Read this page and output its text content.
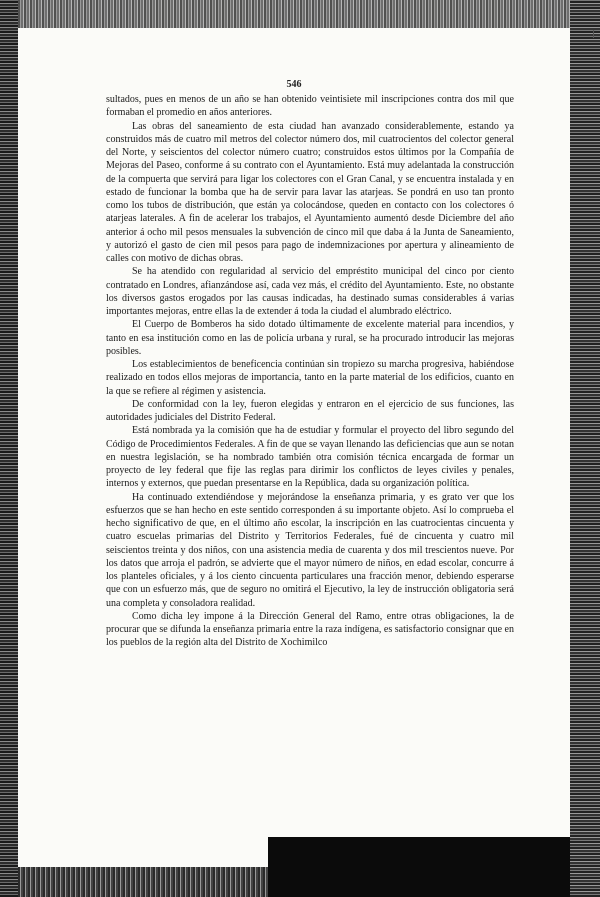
546

sultados, pues en menos de un año se han obtenido veintisiete mil inscripciones contra dos mil que formaban el promedio en años anteriores.

Las obras del saneamiento de esta ciudad han avanzado considerablemente, estando ya construidos más de cuatro mil metros del colector número dos, mil cuatrocientos del colector general del Norte, y seiscientos del colector número cuatro; construidos estos últimos por la Compañía de Mejoras del Paseo, conforme á su contrato con el Ayuntamiento. Está muy adelantada la construcción de la compuerta que servirá para ligar los colectores con el Gran Canal, y se encuentra instalada y en estado de funcionar la bomba que ha de servir para lavar las atarjeas. Se pondrá en uso tan pronto como los tubos de distribución, que están ya colocándose, queden en contacto con los colectores ó atarjeas laterales. A fin de acelerar los trabajos, el Ayuntamiento aumentó desde Diciembre del año anterior á ocho mil pesos mensuales la subvención de cinco mil que daba á la Junta de Saneamiento, y autorizó el gasto de cien mil pesos para pago de indemnizaciones por apertura y alineamiento de calles con motivo de dichas obras.

Se ha atendido con regularidad al servicio del empréstito municipal del cinco por ciento contratado en Londres, afianzándose así, cada vez más, el crédito del Ayuntamiento. Este, no obstante los diversos gastos erogados por las causas indicadas, ha destinado sumas considerables á varias importantes mejoras, entre ellas la de extender á toda la ciudad el alumbrado eléctrico.

El Cuerpo de Bomberos ha sido dotado últimamente de excelente material para incendios, y tanto en esa institución como en las de policía urbana y rural, se ha procurado introducir las mejoras posibles.

Los establecimientos de beneficencia continúan sin tropiezo su marcha progresiva, habiéndose realizado en todos ellos mejoras de importancia, tanto en la parte material de los edificios, cuanto en la que se refiere al régimen y asistencia.

De conformidad con la ley, fueron elegidas y entraron en el ejercicio de sus funciones, las autoridades judiciales del Distrito Federal.

Está nombrada ya la comisión que ha de estudiar y formular el proyecto del libro segundo del Código de Procedimientos Federales. A fin de que se vayan llenando las deficiencias que aun se notan en nuestra legislación, se ha nombrado también otra comisión técnica encargada de formar un proyecto de ley federal que fije las reglas para dirimir los conflictos de leyes civiles y penales, internos y externos, que puedan presentarse en la República, dada su organización política.

Ha continuado extendiéndose y mejorándose la enseñanza primaria, y es grato ver que los esfuerzos que se han hecho en este sentido corresponden á su importante objeto. Así lo comprueba el hecho significativo de que, en el último año escolar, la inscripción en las cuatrocientas cincuenta y cuatro escuelas primarias del Distrito y Territorios Federales, fué de cincuenta y cuatro mil seiscientos treinta y dos niños, con una asistencia media de cuarenta y dos mil trescientos nueve. Por los datos que arroja el padrón, se advierte que el mayor número de niños, en edad escolar, concurre á los planteles oficiales, y á los ciento cincuenta particulares una fracción menor, debiendo esperarse que con un esfuerzo más, que de seguro no omitirá el Ejecutivo, la ley de instrucción obligatoria será una completa y consoladora realidad.

Como dicha ley impone á la Dirección General del Ramo, entre otras obligaciones, la de procurar que se difunda la enseñanza primaria entre la raza indígena, es satisfactorio consignar que en los pueblos de la región alta del Distrito de Xochimilco
